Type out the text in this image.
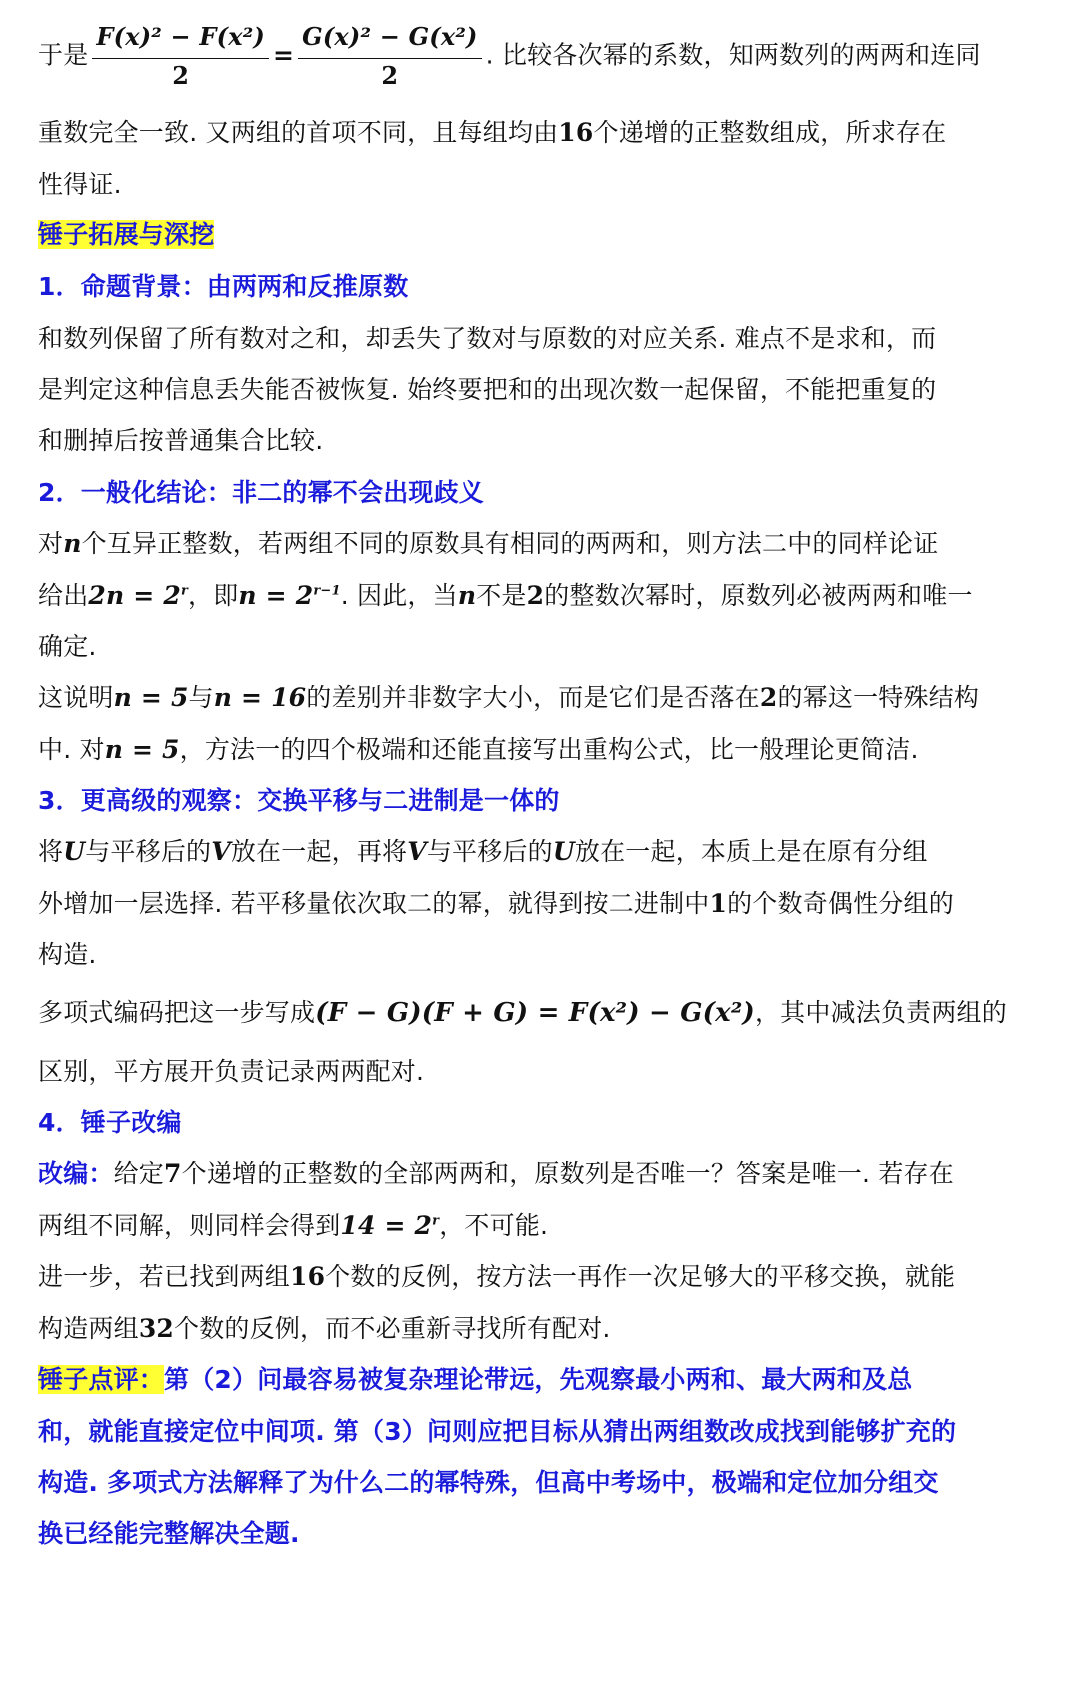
于是 $\frac{\text{F(x)² − F(x²)}}{2} = \frac{\text{G(x)² − G(x²)}}{2}$ . 比较各次幂的系数，知两数列的两两和连同
重数完全一致. 又两组的首项不同，且每组均由16个递增的正整数组成，所求存在
性得证.
锤子拓展与深挖
1．命题背景：由两两和反推原数
和数列保留了所有数对之和，却丢失了数对与原数的对应关系. 难点不是求和，而
是判定这种信息丢失能否被恢复. 始终要把和的出现次数一起保留，不能把重复的
和删掉后按普通集合比较.
2．一般化结论：非二的幂不会出现歧义
对n个互异正整数，若两组不同的原数具有相同的两两和，则方法二中的同样论证
给出$2n = 2^r$，即$n = 2^{r-1}$. 因此，当n不是2的整数次幂时，原数列必被两两和唯一
确定.
这说明n = 5与n = 16的差别并非数字大小，而是它们是否落在2的幂这一特殊结构
中. 对n = 5，方法一的四个极端和还能直接写出重构公式，比一般理论更简洁.
3．更高级的观察：交换平移与二进制是一体的
将U与平移后的V放在一起，再将V与平移后的U放在一起，本质上是在原有分组
外增加一层选择. 若平移量依次取二的幂，就得到按二进制中1的个数奇偶性分组的
构造.
多项式编码把这一步写成(F − G)(F + G) = F(x²) − G(x²)，其中减法负责两组的
区别，平方展开负责记录两两配对.
4．锤子改编
改编：给定7个递增的正整数的全部两两和，原数列是否唯一？答案是唯一. 若存在
两组不同解，则同样会得到$14 = 2^r$，不可能.
进一步，若已找到两组16个数的反例，按方法一再作一次足够大的平移交换，就能
构造两组32个数的反例，而不必重新寻找所有配对.
锤子点评：第（2）问最容易被复杂理论带远，先观察最小两和、最大两和及总
和，就能直接定位中间项. 第（3）问则应把目标从猜出两组数改成找到能够扩充的
构造. 多项式方法解释了为什么二的幂特殊，但高中考场中，极端和定位加分组交
换已经能完整解决全题.
